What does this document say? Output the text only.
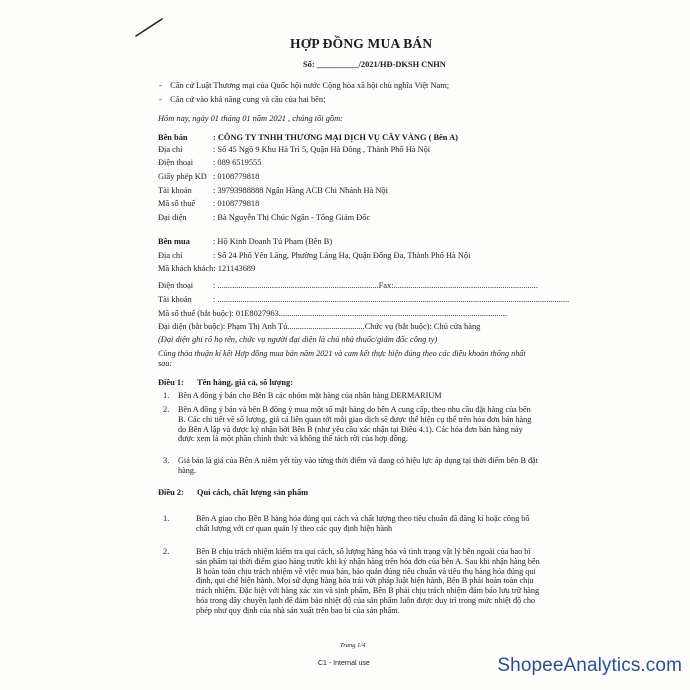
HỢP ĐỒNG MUA BÁN
Số: __________/2021/HĐ-DKSH CNHN
- Căn cứ Luật Thương mại của Quốc hội nước Cộng hòa xã hội chủ nghĩa Việt Nam;
- Căn cứ vào khả năng cung và cầu của hai bên;
Hôm nay, ngày 01 tháng 01 năm 2021 , chúng tôi gồm:
Bên bán	: CÔNG TY TNHH THƯƠNG MẠI DỊCH VỤ CÂY VÀNG ( Bên A)
Địa chỉ	: Số 45 Ngõ 9 Khu Hà Trì 5, Quận Hà Đông , Thành Phố Hà Nội
Điện thoại : 089 6519555
Giấy phép KD : 0108779818
Tài khoản	: 39793988888 Ngân Hàng ACB Chi Nhánh Hà Nội
Mã số thuế : 0108779818
Đại diện	: Bà Nguyễn Thị Chúc Ngân - Tổng Giám Đốc
Bên mua	: Hộ Kinh Doanh Tú Phạm (Bên B)
Địa chỉ	: Số 24 Phố Yên Lãng, Phường Láng Hạ, Quận Đống Đa, Thành Phố Hà Nội
Mã khách khách: 121143689
Điện thoại : .............................................................................Fax:.....................................................................
Tài khoản	: ........................................................................................................................................................................
Mã số thuế (bắt buộc): 01E8027963.............................................................................................................
Đại diện (bắt buộc): Phạm Thị Anh Tú.....................................Chức vụ (bắt buộc): Chủ cửa hàng
(Đại diện ghi rõ họ tên, chức vụ người đại diện là chủ nhà thuốc/giám đốc công ty)
Cùng thỏa thuận kí kết Hợp đồng mua bán năm 2021 và cam kết thực hiện đúng theo các điều khoản thống nhất sau:
Điều 1: Tên hàng, giá cả, số lượng:
1. Bên A đồng ý bán cho Bên B các nhóm mặt hàng của nhãn hàng DERMARIUM
2. Bên A đồng ý bán và bên B đồng ý mua một số mặt hàng do bên A cung cấp, theo nhu cầu đặt hàng của bên B. Các chi tiết về số lượng, giá cả liên quan tới mỗi giao dịch sẽ được thể hiện cụ thể trên hóa đơn bán hàng do Bên A lập và được ký nhận bởi Bên B (như yêu cầu xác nhận tại Điều 4.1). Các hóa đơn bán hàng này được xem là một phần chính thức và không thể tách rời của hợp đồng.
3. Giá bán là giá của Bên A niêm yết tùy vào từng thời điểm và đang có hiệu lực áp dụng tại thời điểm bên B đặt hàng.
Điều 2: Qui cách, chất lượng sản phẩm
1.	Bên A giao cho Bên B hàng hóa đúng qui cách và chất lượng theo tiêu chuẩn đã đăng kí hoặc công bố chất lượng với cơ quan quản lý theo các quy định hiện hành
2.	Bên B chịu trách nhiệm kiểm tra qui cách, số lượng hàng hóa và tình trạng vật lý bên ngoài của bao bì sản phẩm tại thời điểm giao hàng trước khi ký nhận hàng trên hóa đơn của bên A. Sau khi nhận hàng bên B hoàn toàn chịu trách nhiệm về việc mua bán, bảo quản đúng tiêu chuẩn và tiêu thụ hàng hóa đúng qui định, qui chế hiện hành. Mọi sử dụng hàng hóa trái với pháp luật hiện hành, Bên B phải hoàn toàn chịu trách nhiệm. Đặc biệt với hàng xác xin và sinh phẩm, Bên B phải chịu trách nhiệm đảm bảo lưu trữ hàng hóa trong dây chuyền lạnh để đảm bảo nhiệt độ của sản phẩm luôn được duy trì trong mức nhiệt độ cho phép như quy định của nhà sản xuất trên bao bì của sản phẩm.
Trang 1/4
C1 - Internal use	ShopeeAnalytics.com
